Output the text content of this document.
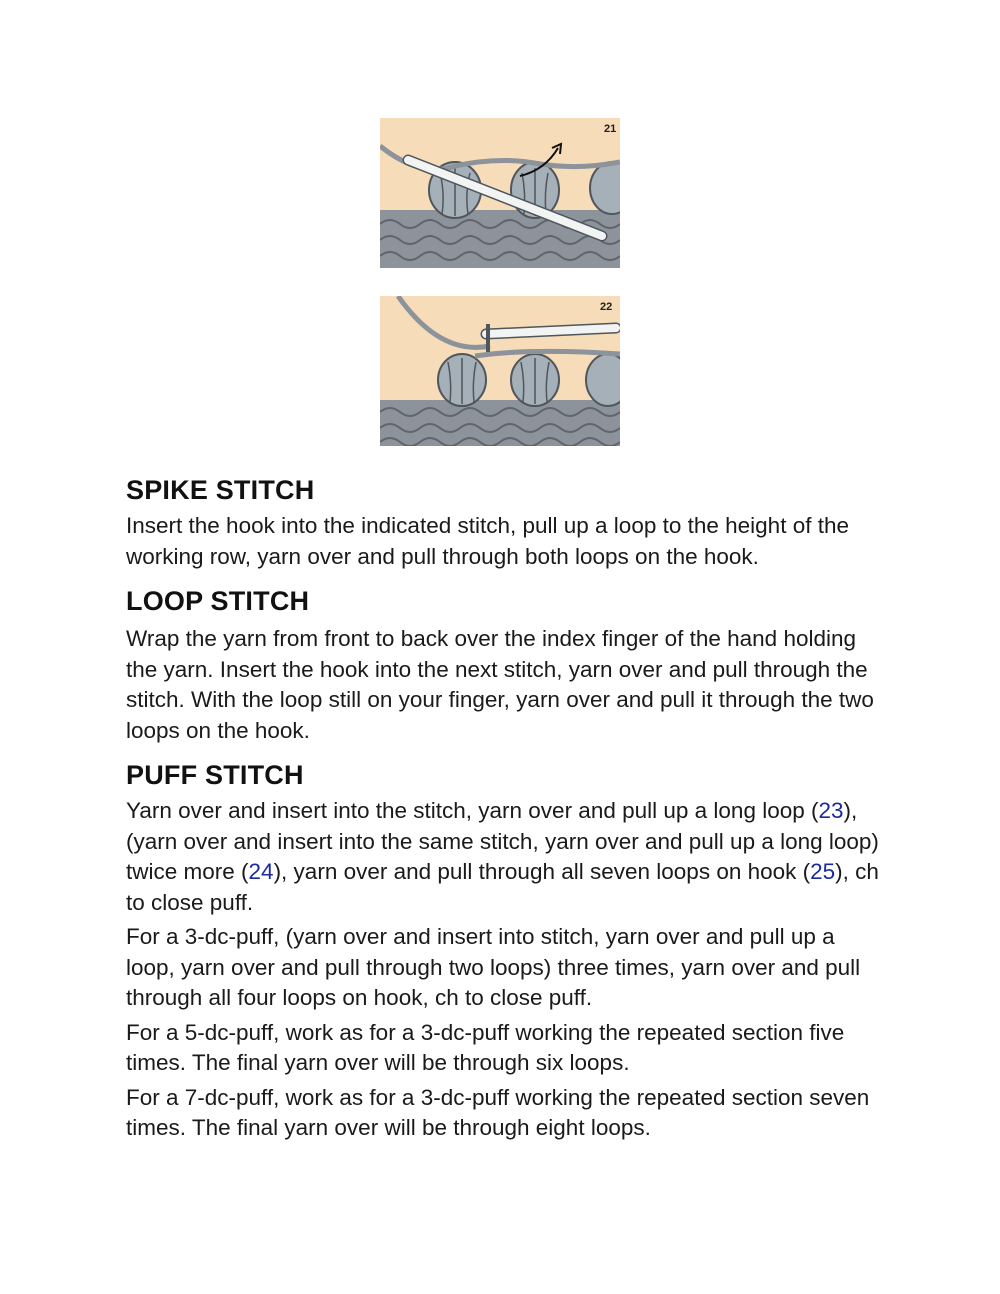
21
22
SPIKE STITCH

Insert the hook into the indicated stitch, pull up a loop to the height of the working row, yarn over and pull through both loops on the hook.

LOOP STITCH

Wrap the yarn from front to back over the index finger of the hand holding the yarn. Insert the hook into the next stitch, yarn over and pull through the stitch. With the loop still on your finger, yarn over and pull it through the two loops on the hook.

PUFF STITCH

Yarn over and insert into the stitch, yarn over and pull up a long loop (23), (yarn over and insert into the same stitch, yarn over and pull up a long loop) twice more (24), yarn over and pull through all seven loops on hook (25), ch to close puff.

For a 3-dc-puff, (yarn over and insert into stitch, yarn over and pull up a loop, yarn over and pull through two loops) three times, yarn over and pull through all four loops on hook, ch to close puff.

For a 5-dc-puff, work as for a 3-dc-puff working the repeated section five times. The final yarn over will be through six loops.

For a 7-dc-puff, work as for a 3-dc-puff working the repeated section seven times. The final yarn over will be through eight loops.
